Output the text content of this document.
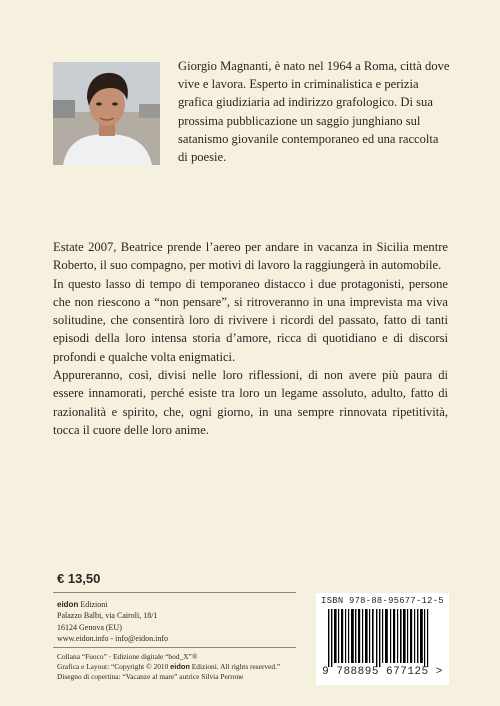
Giorgio Magnanti, è nato nel 1964 a Roma, città dove vive e lavora. Esperto in criminalistica e perizia grafica giudiziaria ad indirizzo grafologico. Di sua prossima pubblicazione un saggio junghiano sul satanismo giovanile contemporaneo ed una raccolta di poesie.

Estate 2007, Beatrice prende l’aereo per andare in vacanza in Sicilia mentre Roberto, il suo compagno, per motivi di lavoro la raggiungerà in automobile.

In questo lasso di tempo di temporaneo distacco i due protagonisti, persone che non riescono a “non pensare”, si ritroveranno in una imprevista ma viva solitudine, che consentirà loro di rivivere i ricordi del passato, fatto di tanti episodi della loro intensa storia d’amore, ricca di quotidiano e di discorsi profondi e qualche volta enigmatici.

Appureranno, così, divisi nelle loro riflessioni, di non avere più paura di essere innamorati, perché esiste tra loro un legame assoluto, adulto, fatto di razionalità e spirito, che, ogni giorno, in una sempre rinnovata ripetitività, tocca il cuore delle loro anime.

€ 13,50
eidon Edizioni
Palazzo Balbi, via Cairoli, 18/1
16124 Genova (EU)
www.eidon.info - info@eidon.info
Collana “Fuoco” · Edizione digitale “bod_X”®
Grafica e Layout: “Copyright © 2010 eidon Edizioni. All rights reserved.”
Disegno di copertina: “Vacanze al mare” autrice Silvia Perrone
ISBN 978-88-95677-12-5
9 788895 677125 >
